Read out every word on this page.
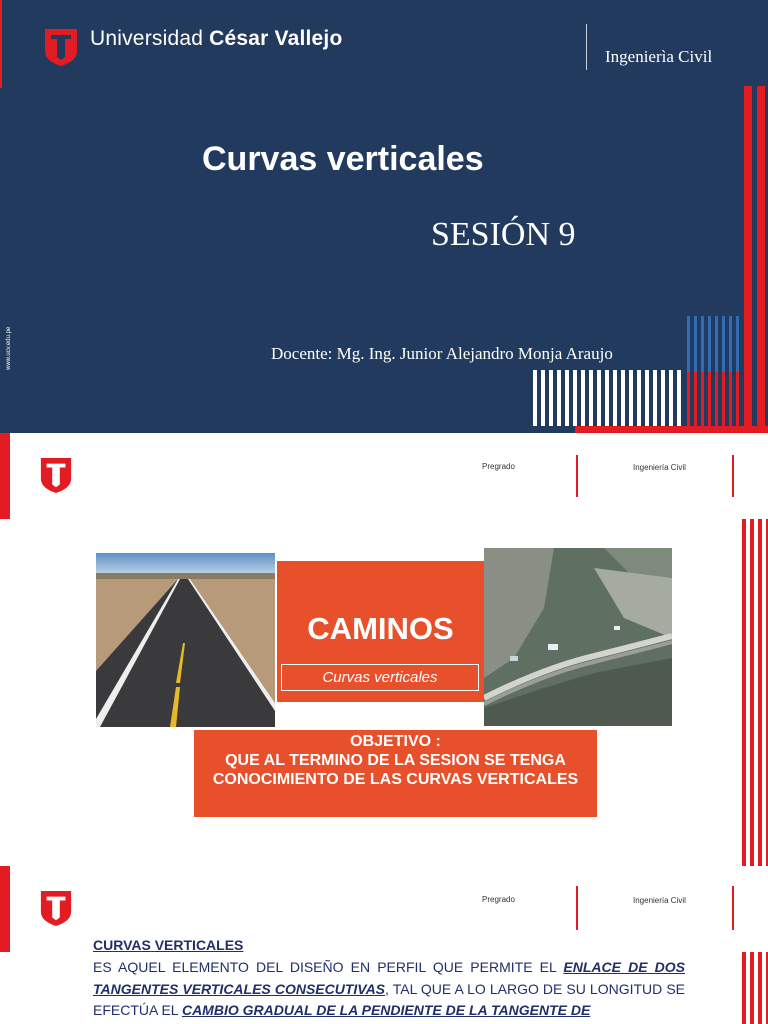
Universidad César Vallejo
Ingenierìa Civil
Curvas verticales
SESIÓN 9
www.ucv.edu.pe	Docente: Mg. Ing. Junior Alejandro Monja Araujo
Pregrado	Ingeniería Civil
CAMINOS
Curvas verticales
OBJETIVO :
QUE AL TERMINO DE LA SESION SE TENGA CONOCIMIENTO DE LAS CURVAS VERTICALES
Pregrado	Ingeniería Civil
CURVAS VERTICALES
ES AQUEL ELEMENTO DEL DISEÑO EN PERFIL QUE PERMITE EL ENLACE DE DOS TANGENTES VERTICALES CONSECUTIVAS, TAL QUE A LO LARGO DE SU LONGITUD SE EFECTÚA EL CAMBIO GRADUAL DE LA PENDIENTE DE LA TANGENTE DE
